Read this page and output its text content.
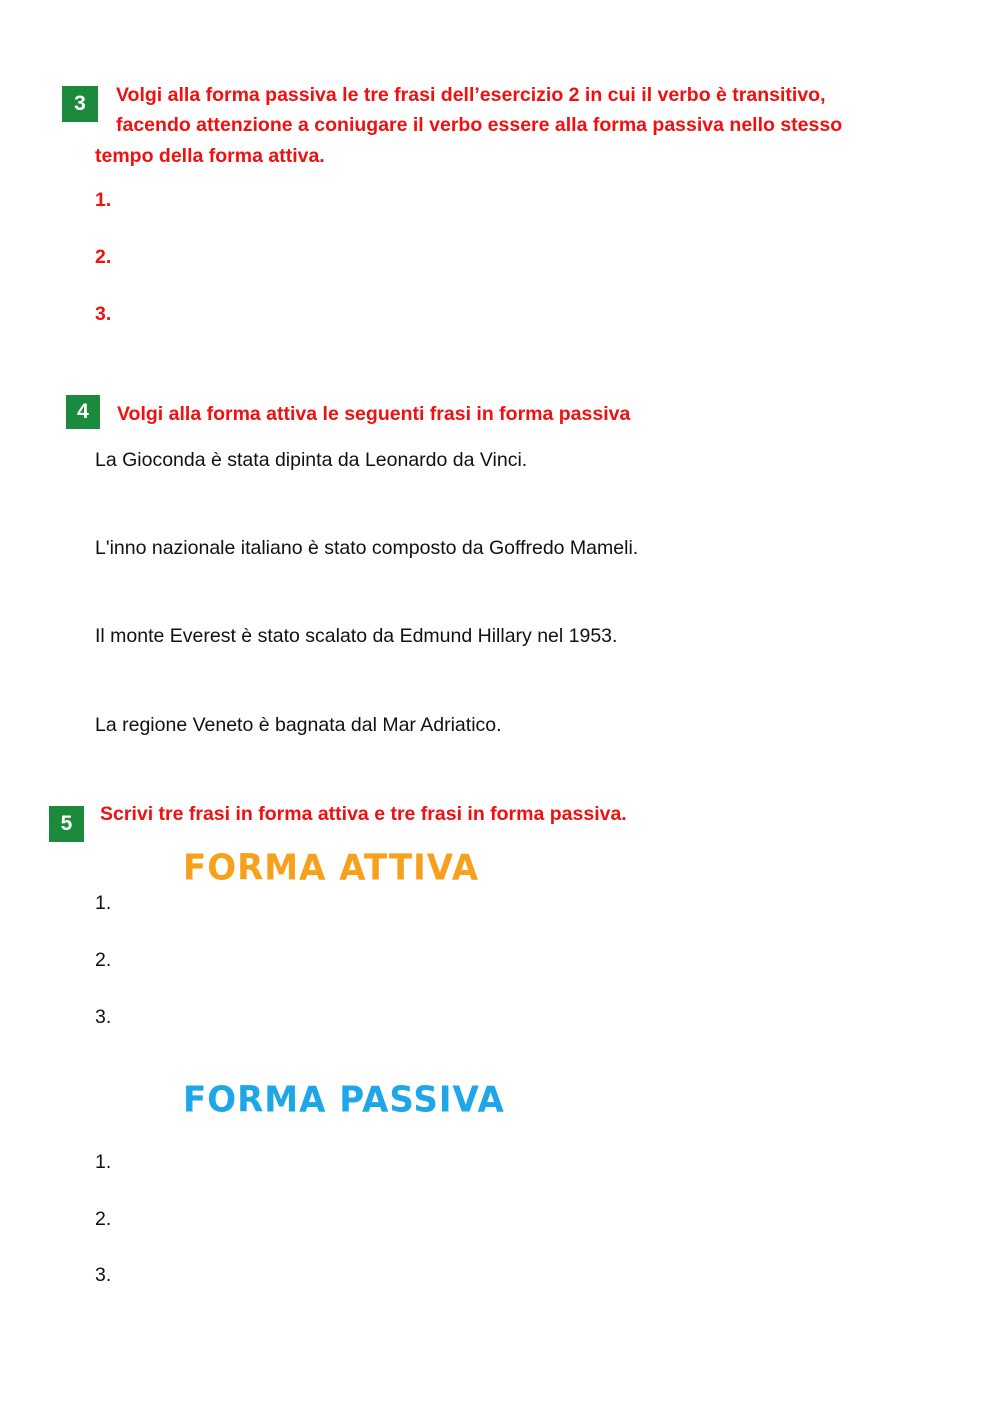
3	Volgi alla forma passiva le tre frasi dell’esercizio 2 in cui il verbo è transitivo,
facendo attenzione a coniugare il verbo essere alla forma passiva nello stesso
tempo della forma attiva.
1.
2.
3.
4	Volgi alla forma attiva le seguenti frasi in forma passiva
La Gioconda è stata dipinta da Leonardo da Vinci.
L'inno nazionale italiano è stato composto da Goffredo Mameli.
Il monte Everest è stato scalato da Edmund Hillary nel 1953.
La regione Veneto è bagnata dal Mar Adriatico.
5	Scrivi tre frasi in forma attiva e tre frasi in forma passiva.
FORMA ATTIVA
1.
2.
3.
FORMA PASSIVA
1.
2.
3.
